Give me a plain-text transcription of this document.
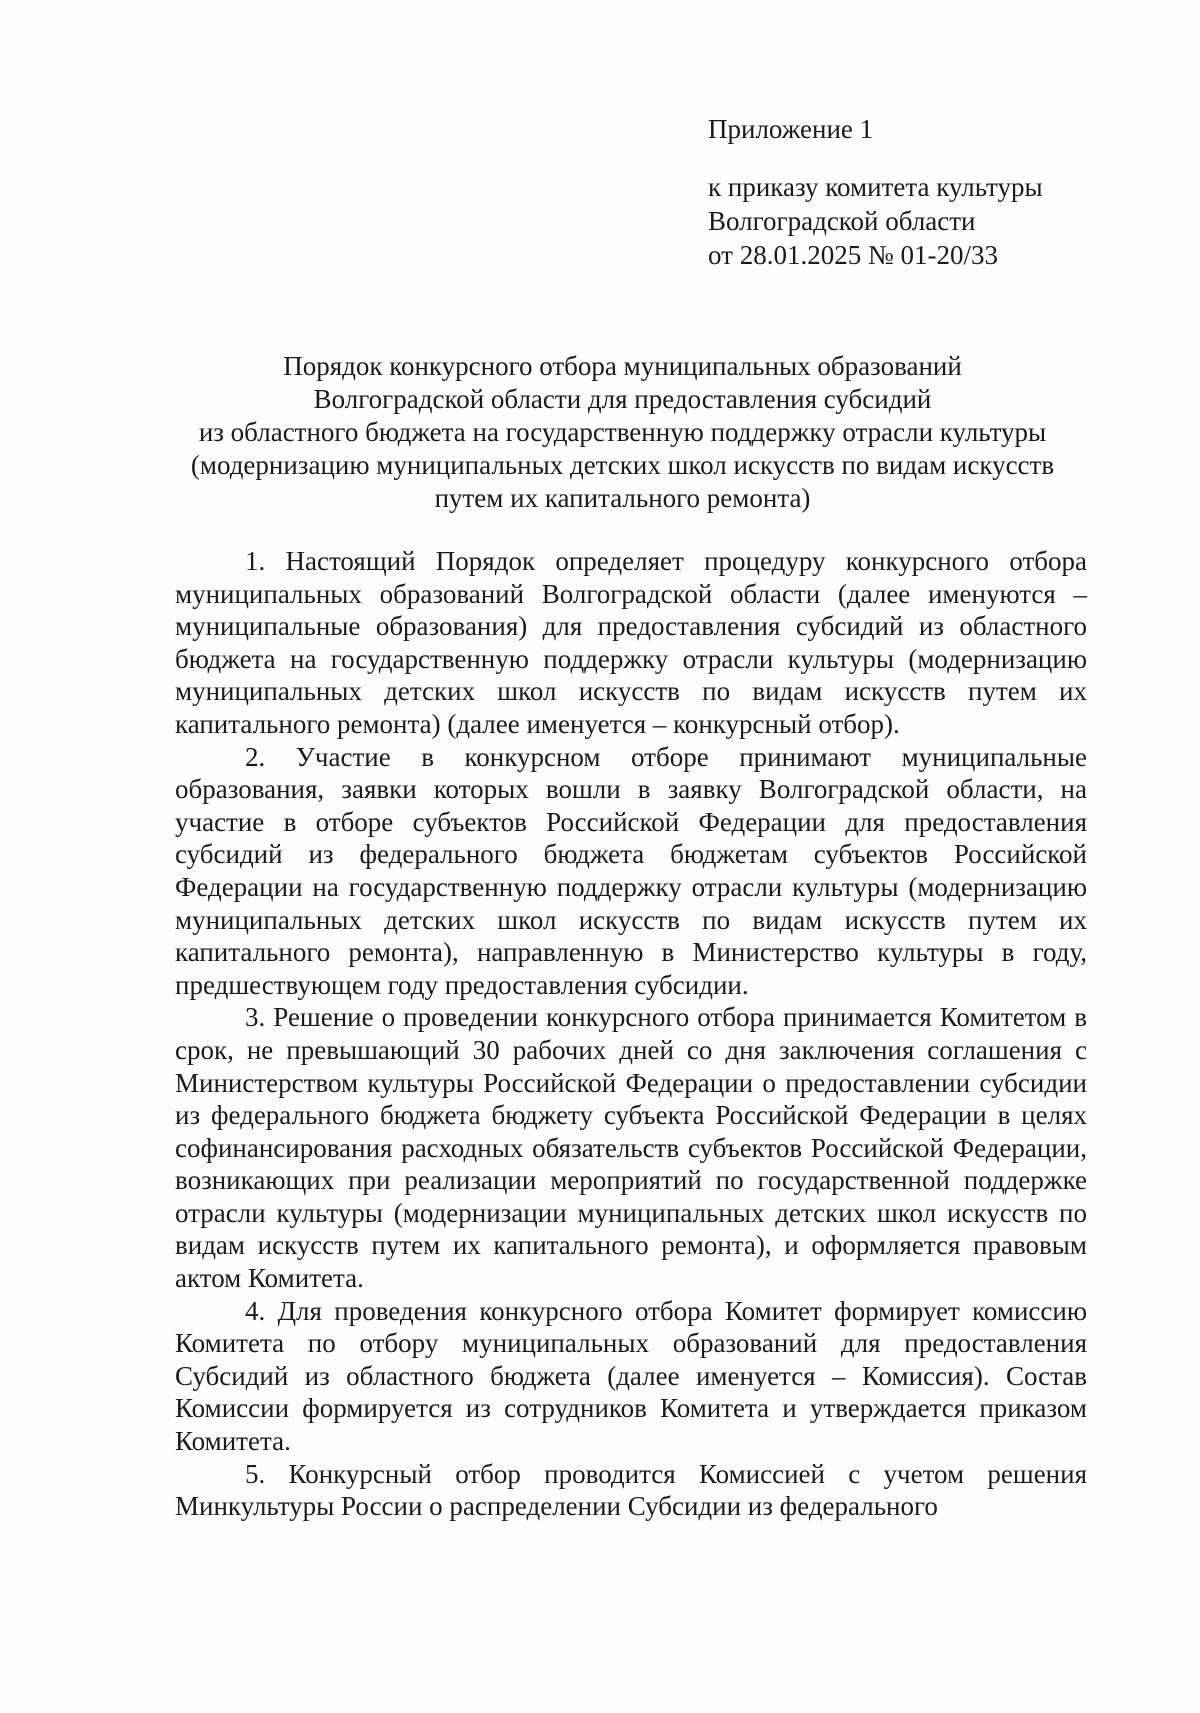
Приложение 1

к приказу комитета культуры

Волгоградской области

от 28.01.2025 № 01-20/33

Порядок конкурсного отбора муниципальных образований
Волгоградской области для предоставления субсидий
из областного бюджета на государственную поддержку отрасли культуры
(модернизацию муниципальных детских школ искусств по видам искусств
путем их капитального ремонта)

1. Настоящий Порядок определяет процедуру конкурсного отбора муниципальных образований Волгоградской области (далее именуются – муниципальные образования) для предоставления субсидий из областного бюджета на государственную поддержку отрасли культуры (модернизацию муниципальных детских школ искусств по видам искусств путем их капитального ремонта) (далее именуется – конкурсный отбор).

2. Участие в конкурсном отборе принимают муниципальные образования, заявки которых вошли в заявку Волгоградской области, на участие в отборе субъектов Российской Федерации для предоставления субсидий из федерального бюджета бюджетам субъектов Российской Федерации на государственную поддержку отрасли культуры (модернизацию муниципальных детских школ искусств по видам искусств путем их капитального ремонта), направленную в Министерство культуры в году, предшествующем году предоставления субсидии.

3. Решение о проведении конкурсного отбора принимается Комитетом в срок, не превышающий 30 рабочих дней со дня заключения соглашения с Министерством культуры Российской Федерации о предоставлении субсидии из федерального бюджета бюджету субъекта Российской Федерации в целях софинансирования расходных обязательств субъектов Российской Федерации, возникающих при реализации мероприятий по государственной поддержке отрасли культуры (модернизации муниципальных детских школ искусств по видам искусств путем их капитального ремонта), и оформляется правовым актом Комитета.

4. Для проведения конкурсного отбора Комитет формирует комиссию Комитета по отбору муниципальных образований для предоставления Субсидий из областного бюджета (далее именуется – Комиссия). Состав Комиссии формируется из сотрудников Комитета и утверждается приказом Комитета.

5. Конкурсный отбор проводится Комиссией с учетом решения Минкультуры России о распределении Субсидии из федерального
